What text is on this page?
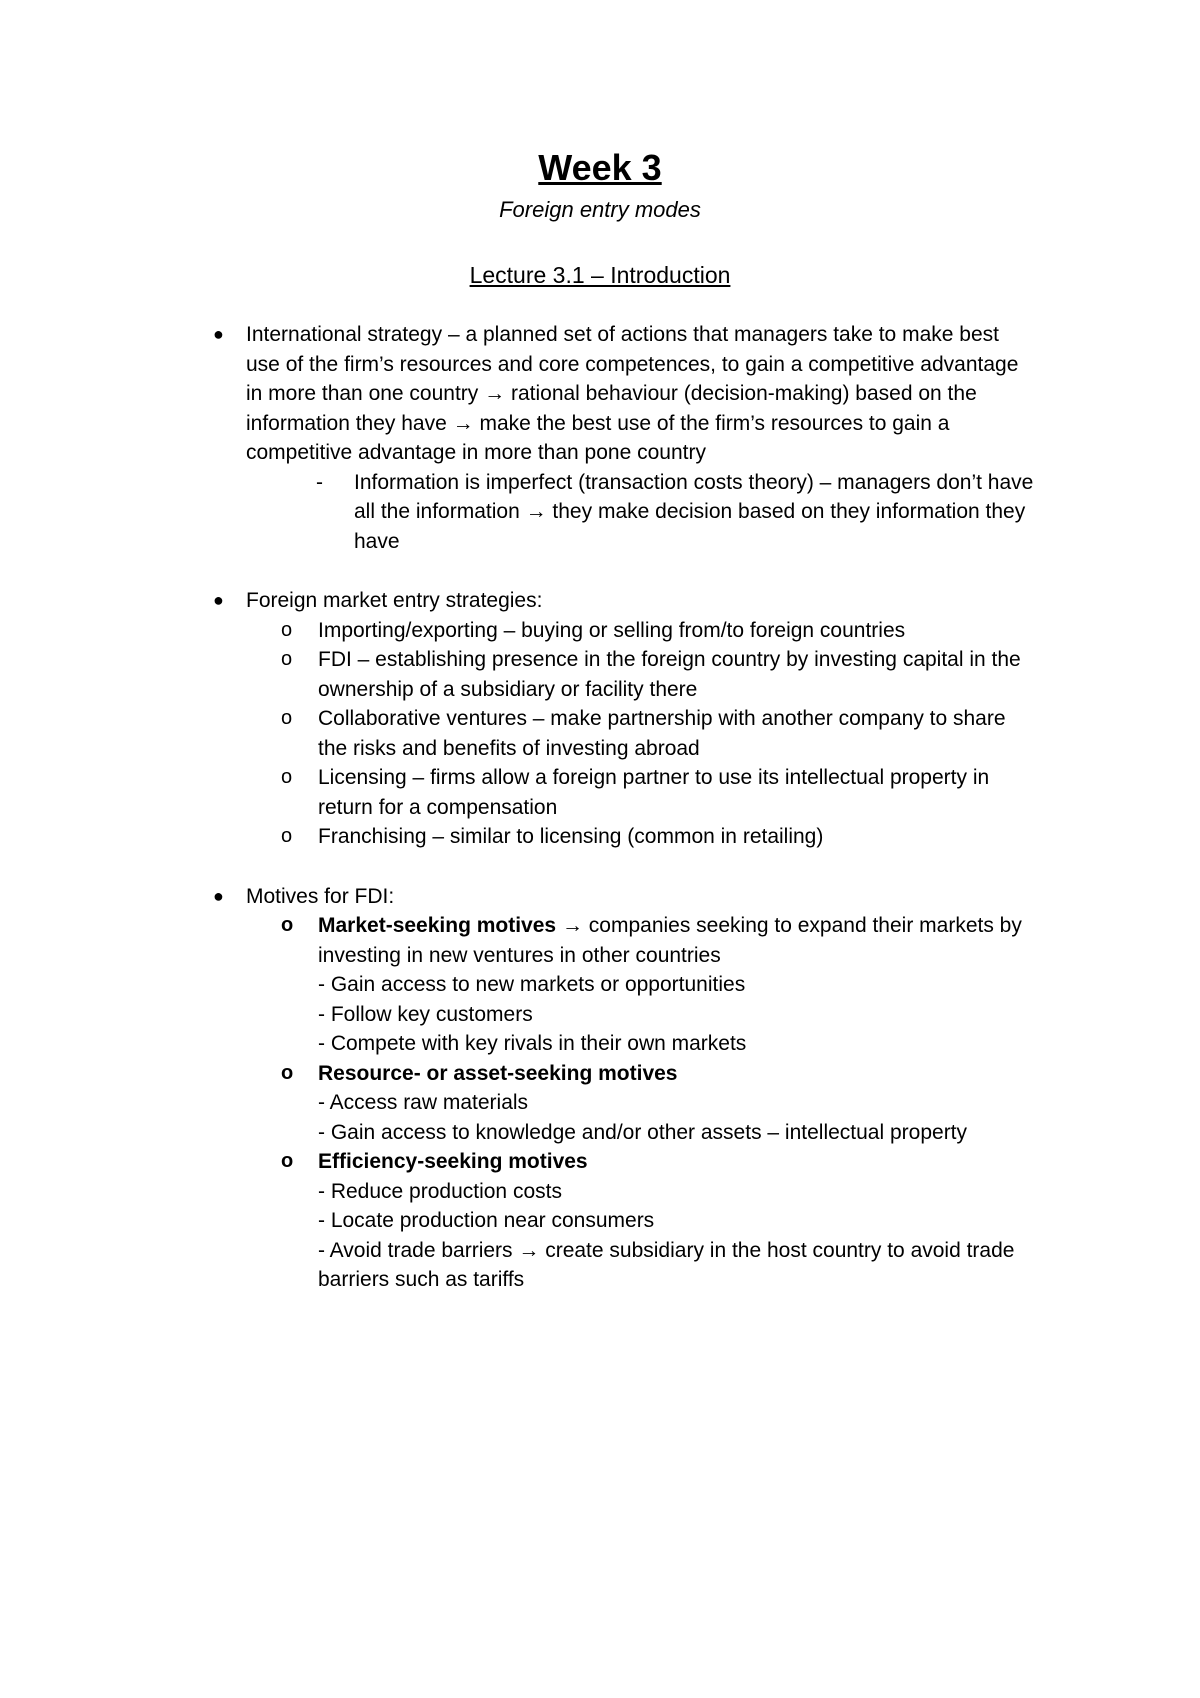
Week 3
Foreign entry modes
Lecture 3.1 – Introduction
● International strategy – a planned set of actions that managers take to make best use of the firm’s resources and core competences, to gain a competitive advantage in more than one country → rational behaviour (decision-making) based on the information they have → make the best use of the firm’s resources to gain a competitive advantage in more than pone country
- Information is imperfect (transaction costs theory) – managers don’t have all the information → they make decision based on they information they have
● Foreign market entry strategies:
o Importing/exporting – buying or selling from/to foreign countries
o FDI – establishing presence in the foreign country by investing capital in the ownership of a subsidiary or facility there
o Collaborative ventures – make partnership with another company to share the risks and benefits of investing abroad
o Licensing – firms allow a foreign partner to use its intellectual property in return for a compensation
o Franchising – similar to licensing (common in retailing)
● Motives for FDI:
o Market-seeking motives → companies seeking to expand their markets by investing in new ventures in other countries
- Gain access to new markets or opportunities
- Follow key customers
- Compete with key rivals in their own markets
o Resource- or asset-seeking motives
- Access raw materials
- Gain access to knowledge and/or other assets – intellectual property
o Efficiency-seeking motives
- Reduce production costs
- Locate production near consumers
- Avoid trade barriers → create subsidiary in the host country to avoid trade barriers such as tariffs
